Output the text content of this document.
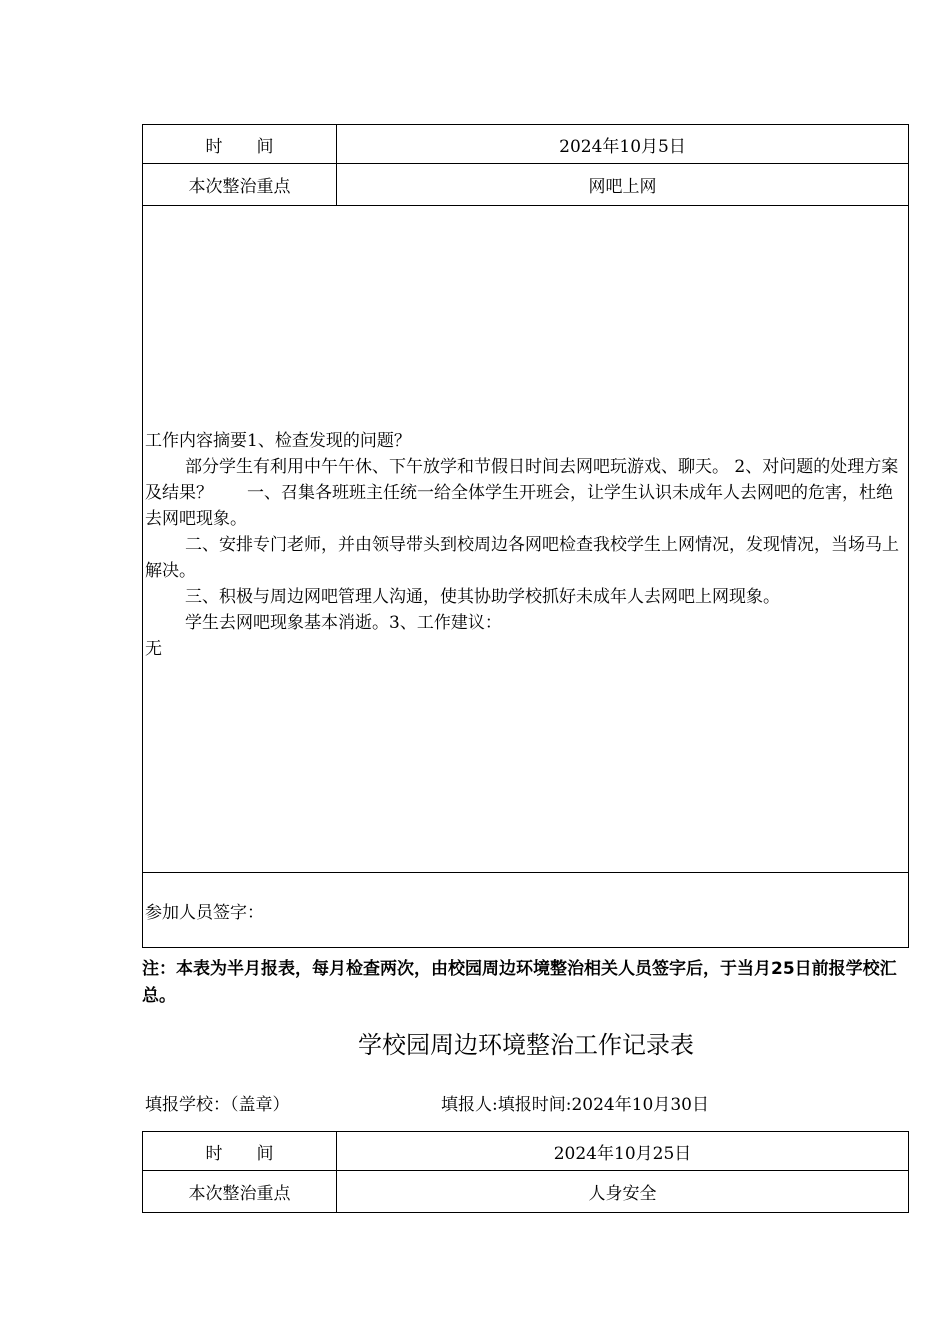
时　　间	2024年10月5日
本次整治重点	网吧上网

工作内容摘要1、检查发现的问题？

部分学生有利用中午午休、下午放学和节假日时间去网吧玩游戏、聊天。 2、对问题的处理方案及结果？　　一、召集各班班主任统一给全体学生开班会，让学生认识未成年人去网吧的危害，杜绝去网吧现象。

二、安排专门老师，并由领导带头到校周边各网吧检查我校学生上网情况，发现情况，当场马上解决。

三、积极与周边网吧管理人沟通，使其协助学校抓好未成年人去网吧上网现象。

学生去网吧现象基本消逝。3、工作建议：

无

参加人员签字：
注：本表为半月报表，每月检查两次，由校园周边环境整治相关人员签字后，于当月25日前报学校汇总。
学校园周边环境整治工作记录表
填报学校：（盖章）	填报人:填报时间:2024年10月30日
时　　间	2024年10月25日
本次整治重点	人身安全
